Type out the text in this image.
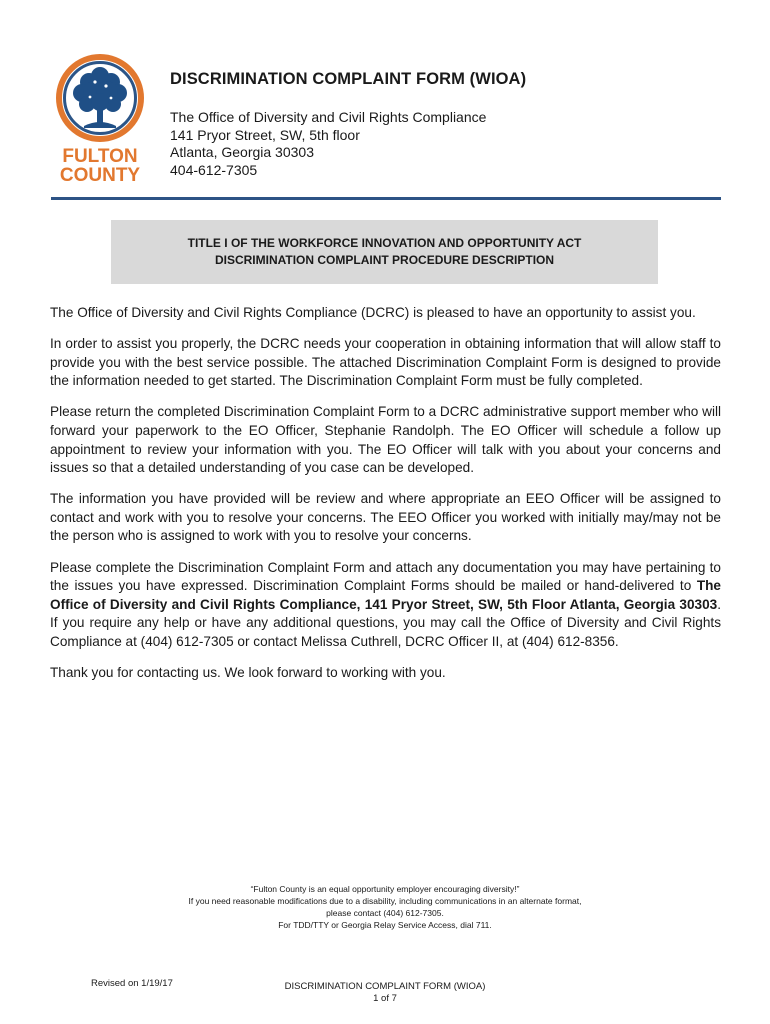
FULTON
COUNTY
DISCRIMINATION COMPLAINT FORM (WIOA)
The Office of Diversity and Civil Rights Compliance
141 Pryor Street, SW, 5th floor
Atlanta, Georgia 30303
404-612-7305
TITLE I OF THE WORKFORCE INNOVATION AND OPPORTUNITY ACT
DISCRIMINATION COMPLAINT PROCEDURE DESCRIPTION

The Office of Diversity and Civil Rights Compliance (DCRC) is pleased to have an opportunity to assist you.

In order to assist you properly, the DCRC needs your cooperation in obtaining information that will allow staff to provide you with the best service possible. The attached Discrimination Complaint Form is designed to provide the information needed to get started. The Discrimination Complaint Form must be fully completed.

Please return the completed Discrimination Complaint Form to a DCRC administrative support member who will forward your paperwork to the EO Officer, Stephanie Randolph. The EO Officer will schedule a follow up appointment to review your information with you. The EO Officer will talk with you about your concerns and issues so that a detailed understanding of you case can be developed.

The information you have provided will be review and where appropriate an EEO Officer will be assigned to contact and work with you to resolve your concerns. The EEO Officer you worked with initially may/may not be the person who is assigned to work with you to resolve your concerns.

Please complete the Discrimination Complaint Form and attach any documentation you may have pertaining to the issues you have expressed. Discrimination Complaint Forms should be mailed or hand-delivered to The Office of Diversity and Civil Rights Compliance, 141 Pryor Street, SW, 5th Floor Atlanta, Georgia 30303. If you require any help or have any additional questions, you may call the Office of Diversity and Civil Rights Compliance at (404) 612-7305 or contact Melissa Cuthrell, DCRC Officer II, at (404) 612-8356.

Thank you for contacting us. We look forward to working with you.

“Fulton County is an equal opportunity employer encouraging diversity!”
If you need reasonable modifications due to a disability, including communications in an alternate format,
please contact (404) 612-7305.
For TDD/TTY or Georgia Relay Service Access, dial 711.
Revised on 1/19/17	DISCRIMINATION COMPLAINT FORM (WIOA)
1 of 7
